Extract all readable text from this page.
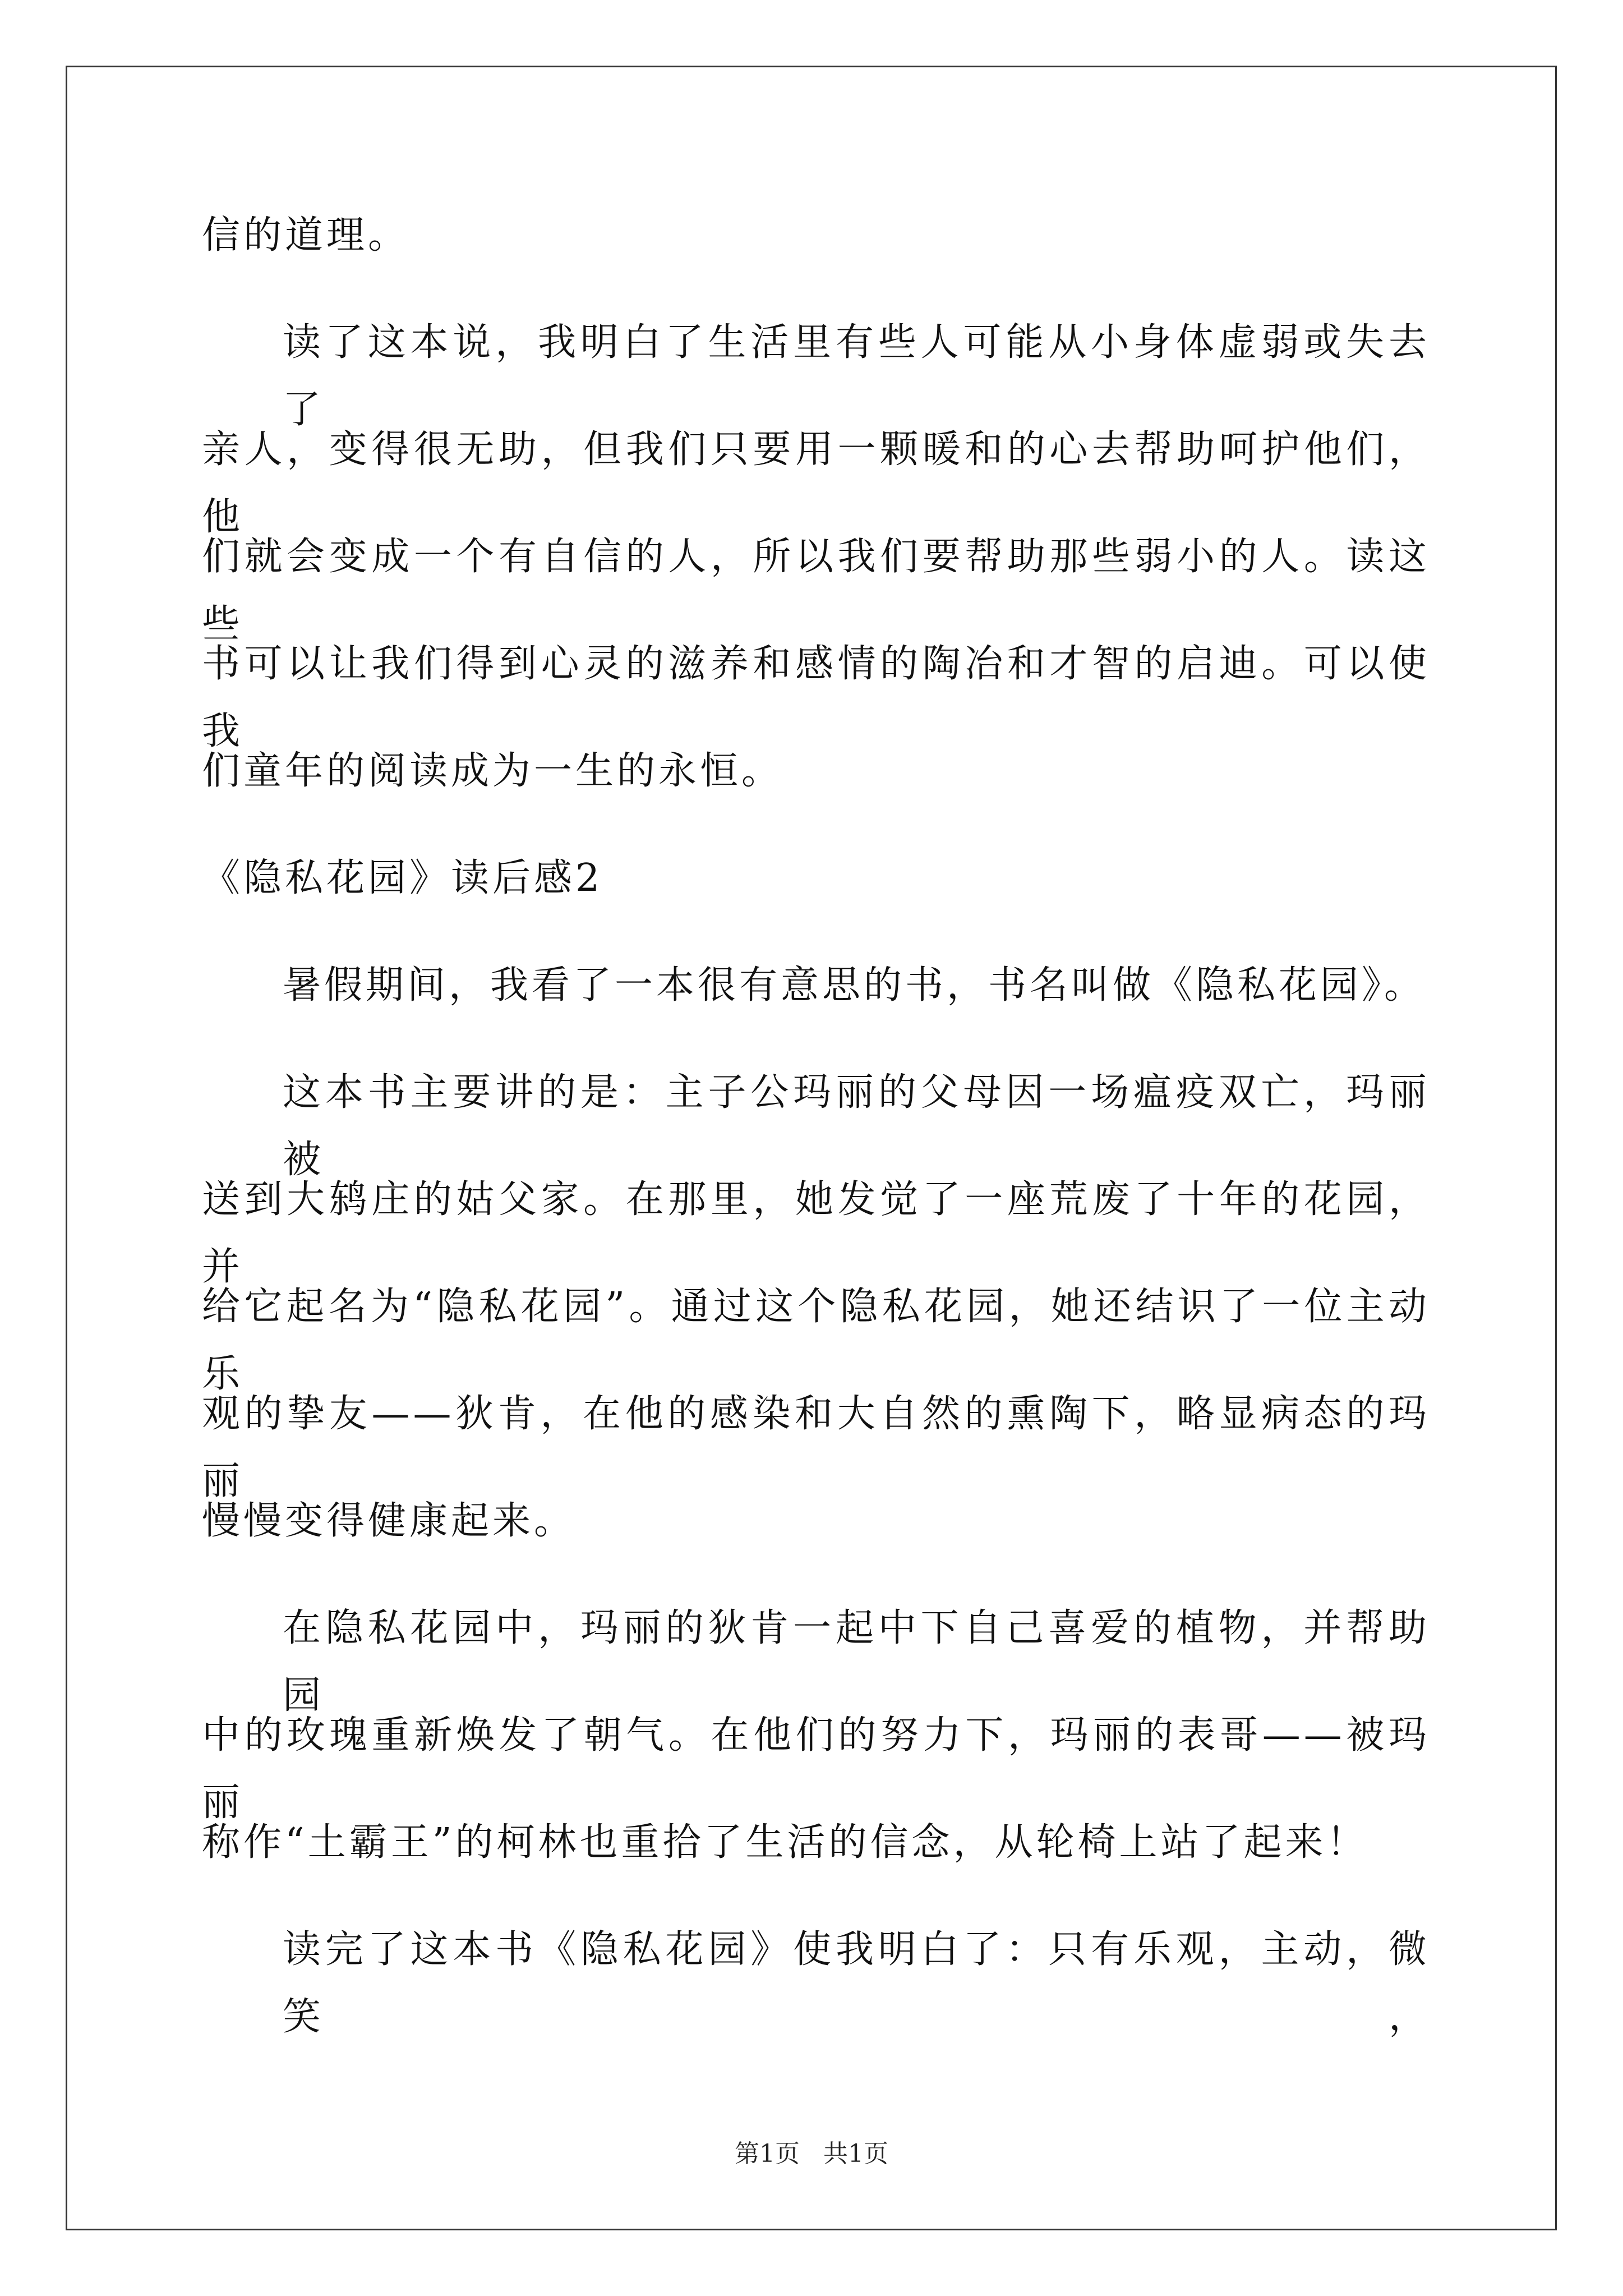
信的道理。
读了这本说，我明白了生活里有些人可能从小身体虚弱或失去了
亲人，变得很无助，但我们只要用一颗暖和的心去帮助呵护他们，他
们就会变成一个有自信的人，所以我们要帮助那些弱小的人。读这些
书可以让我们得到心灵的滋养和感情的陶冶和才智的启迪。可以使我
们童年的阅读成为一生的永恒。
《隐私花园》读后感2
暑假期间，我看了一本很有意思的书，书名叫做《隐私花园》。
这本书主要讲的是：主子公玛丽的父母因一场瘟疫双亡，玛丽被
送到大鸫庄的姑父家。在那里，她发觉了一座荒废了十年的花园，并
给它起名为“隐私花园”。通过这个隐私花园，她还结识了一位主动乐
观的挚友——狄肯，在他的感染和大自然的熏陶下，略显病态的玛丽
慢慢变得健康起来。
在隐私花园中，玛丽的狄肯一起中下自己喜爱的植物，并帮助园
中的玫瑰重新焕发了朝气。在他们的努力下，玛丽的表哥——被玛丽
称作“土霸王”的柯林也重拾了生活的信念，从轮椅上站了起来！
读完了这本书《隐私花园》使我明白了：只有乐观，主动，微笑，
第1页 共1页
